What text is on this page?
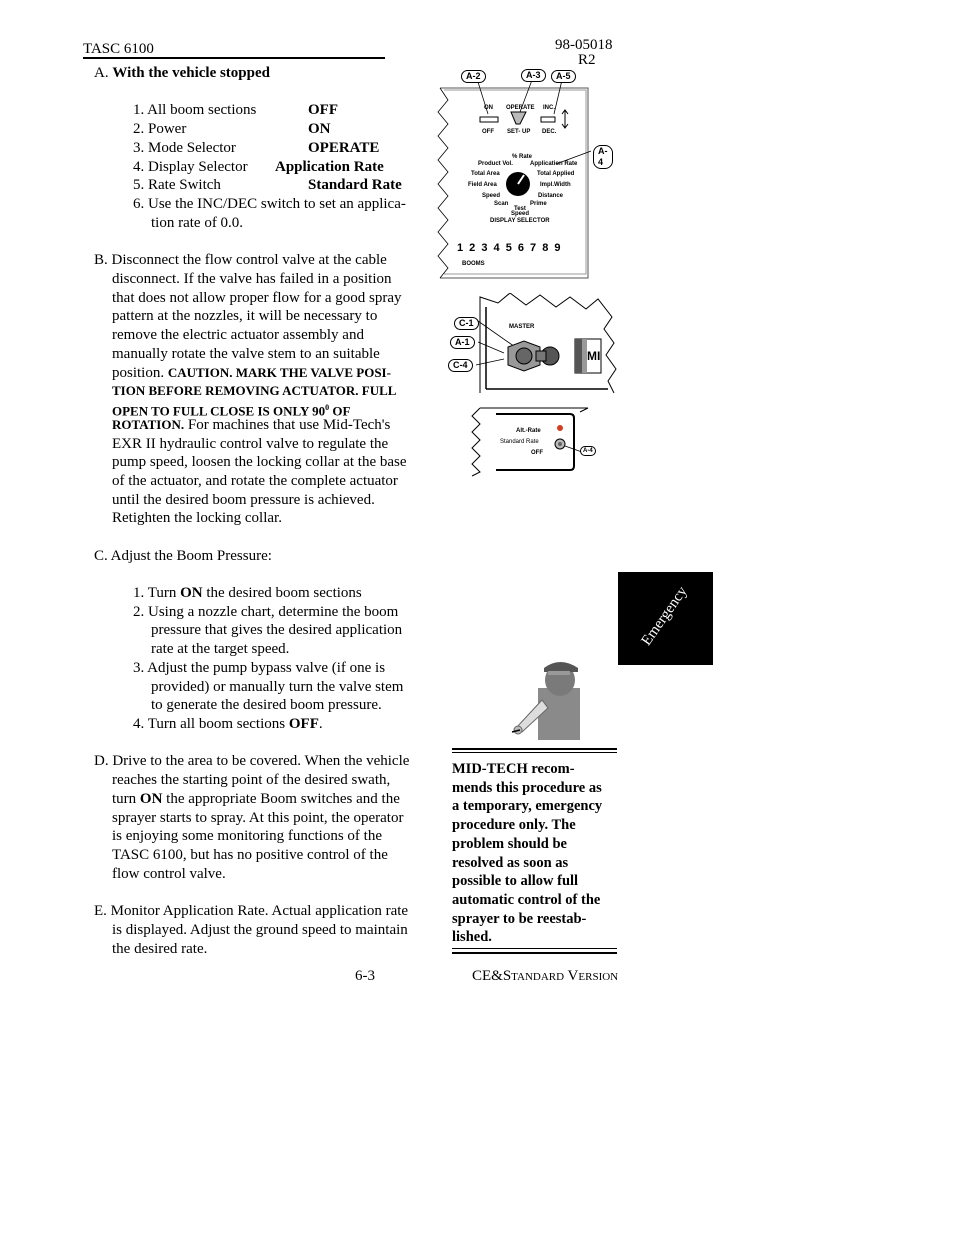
TASC 6100	98-05018
R2
A. With the vehicle stopped
1. All boom sections	OFF
2. Power	ON
3. Mode Selector	OPERATE
4. Display Selector Application Rate
5. Rate Switch	Standard Rate
6. Use the INC/DEC switch to set an applica-
tion rate of 0.0.
B. Disconnect the flow control valve at the cable
disconnect. If the valve has failed in a position
that does not allow proper flow for a good spray
pattern at the nozzles, it will be necessary to
remove the electric actuator assembly and
manually rotate the valve stem to an suitable
position. CAUTION. MARK THE VALVE POSI-
TION BEFORE REMOVING ACTUATOR. FULL
OPEN TO FULL CLOSE IS ONLY $90^0$ OF
ROTATION. For machines that use Mid-Tech's
EXR II hydraulic control valve to regulate the
pump speed, loosen the locking collar at the base
of the actuator, and rotate the complete actuator
until the desired boom pressure is achieved.
Retighten the locking collar.
C. Adjust the Boom Pressure:
1. Turn ON the desired boom sections
2. Using a nozzle chart, determine the boom
pressure that gives the desired application
rate at the target speed.
3. Adjust the pump bypass valve (if one is
provided) or manually turn the valve stem
to generate the desired boom pressure.
4. Turn all boom sections OFF.
D. Drive to the area to be covered. When the vehicle
reaches the starting point of the desired swath,
turn ON the appropriate Boom switches and the
sprayer starts to spray. At this point, the operator
is enjoying some monitoring functions of the
TASC 6100, but has no positive control of the
flow control valve.
E. Monitor Application Rate. Actual application rate
is displayed. Adjust the ground speed to maintain
the desired rate.
6-3	CE&Standard Version
Emergency
MID-TECH recom-
mends this procedure as
a temporary, emergency
procedure only. The
problem should be
resolved as soon as
possible to allow full
automatic control of the
sprayer to be reestab-
lished.
A-2	A-3	A-5
ON OPERATE INC.
OFF SET- UP DEC.
% Rate
Product Vol.	Application Rate
Total Area	Total Applied
Field Area	Impl.Width
Speed	Distance
Scan	Prime
Test
Speed
DISPLAY SELECTOR
1 2 3 4 5 6 7 8 9
BOOMS
A-4
C-1
A-1
C-4
MASTER
MI
Alt.-Rate
Standard Rate
OFF	A-4
